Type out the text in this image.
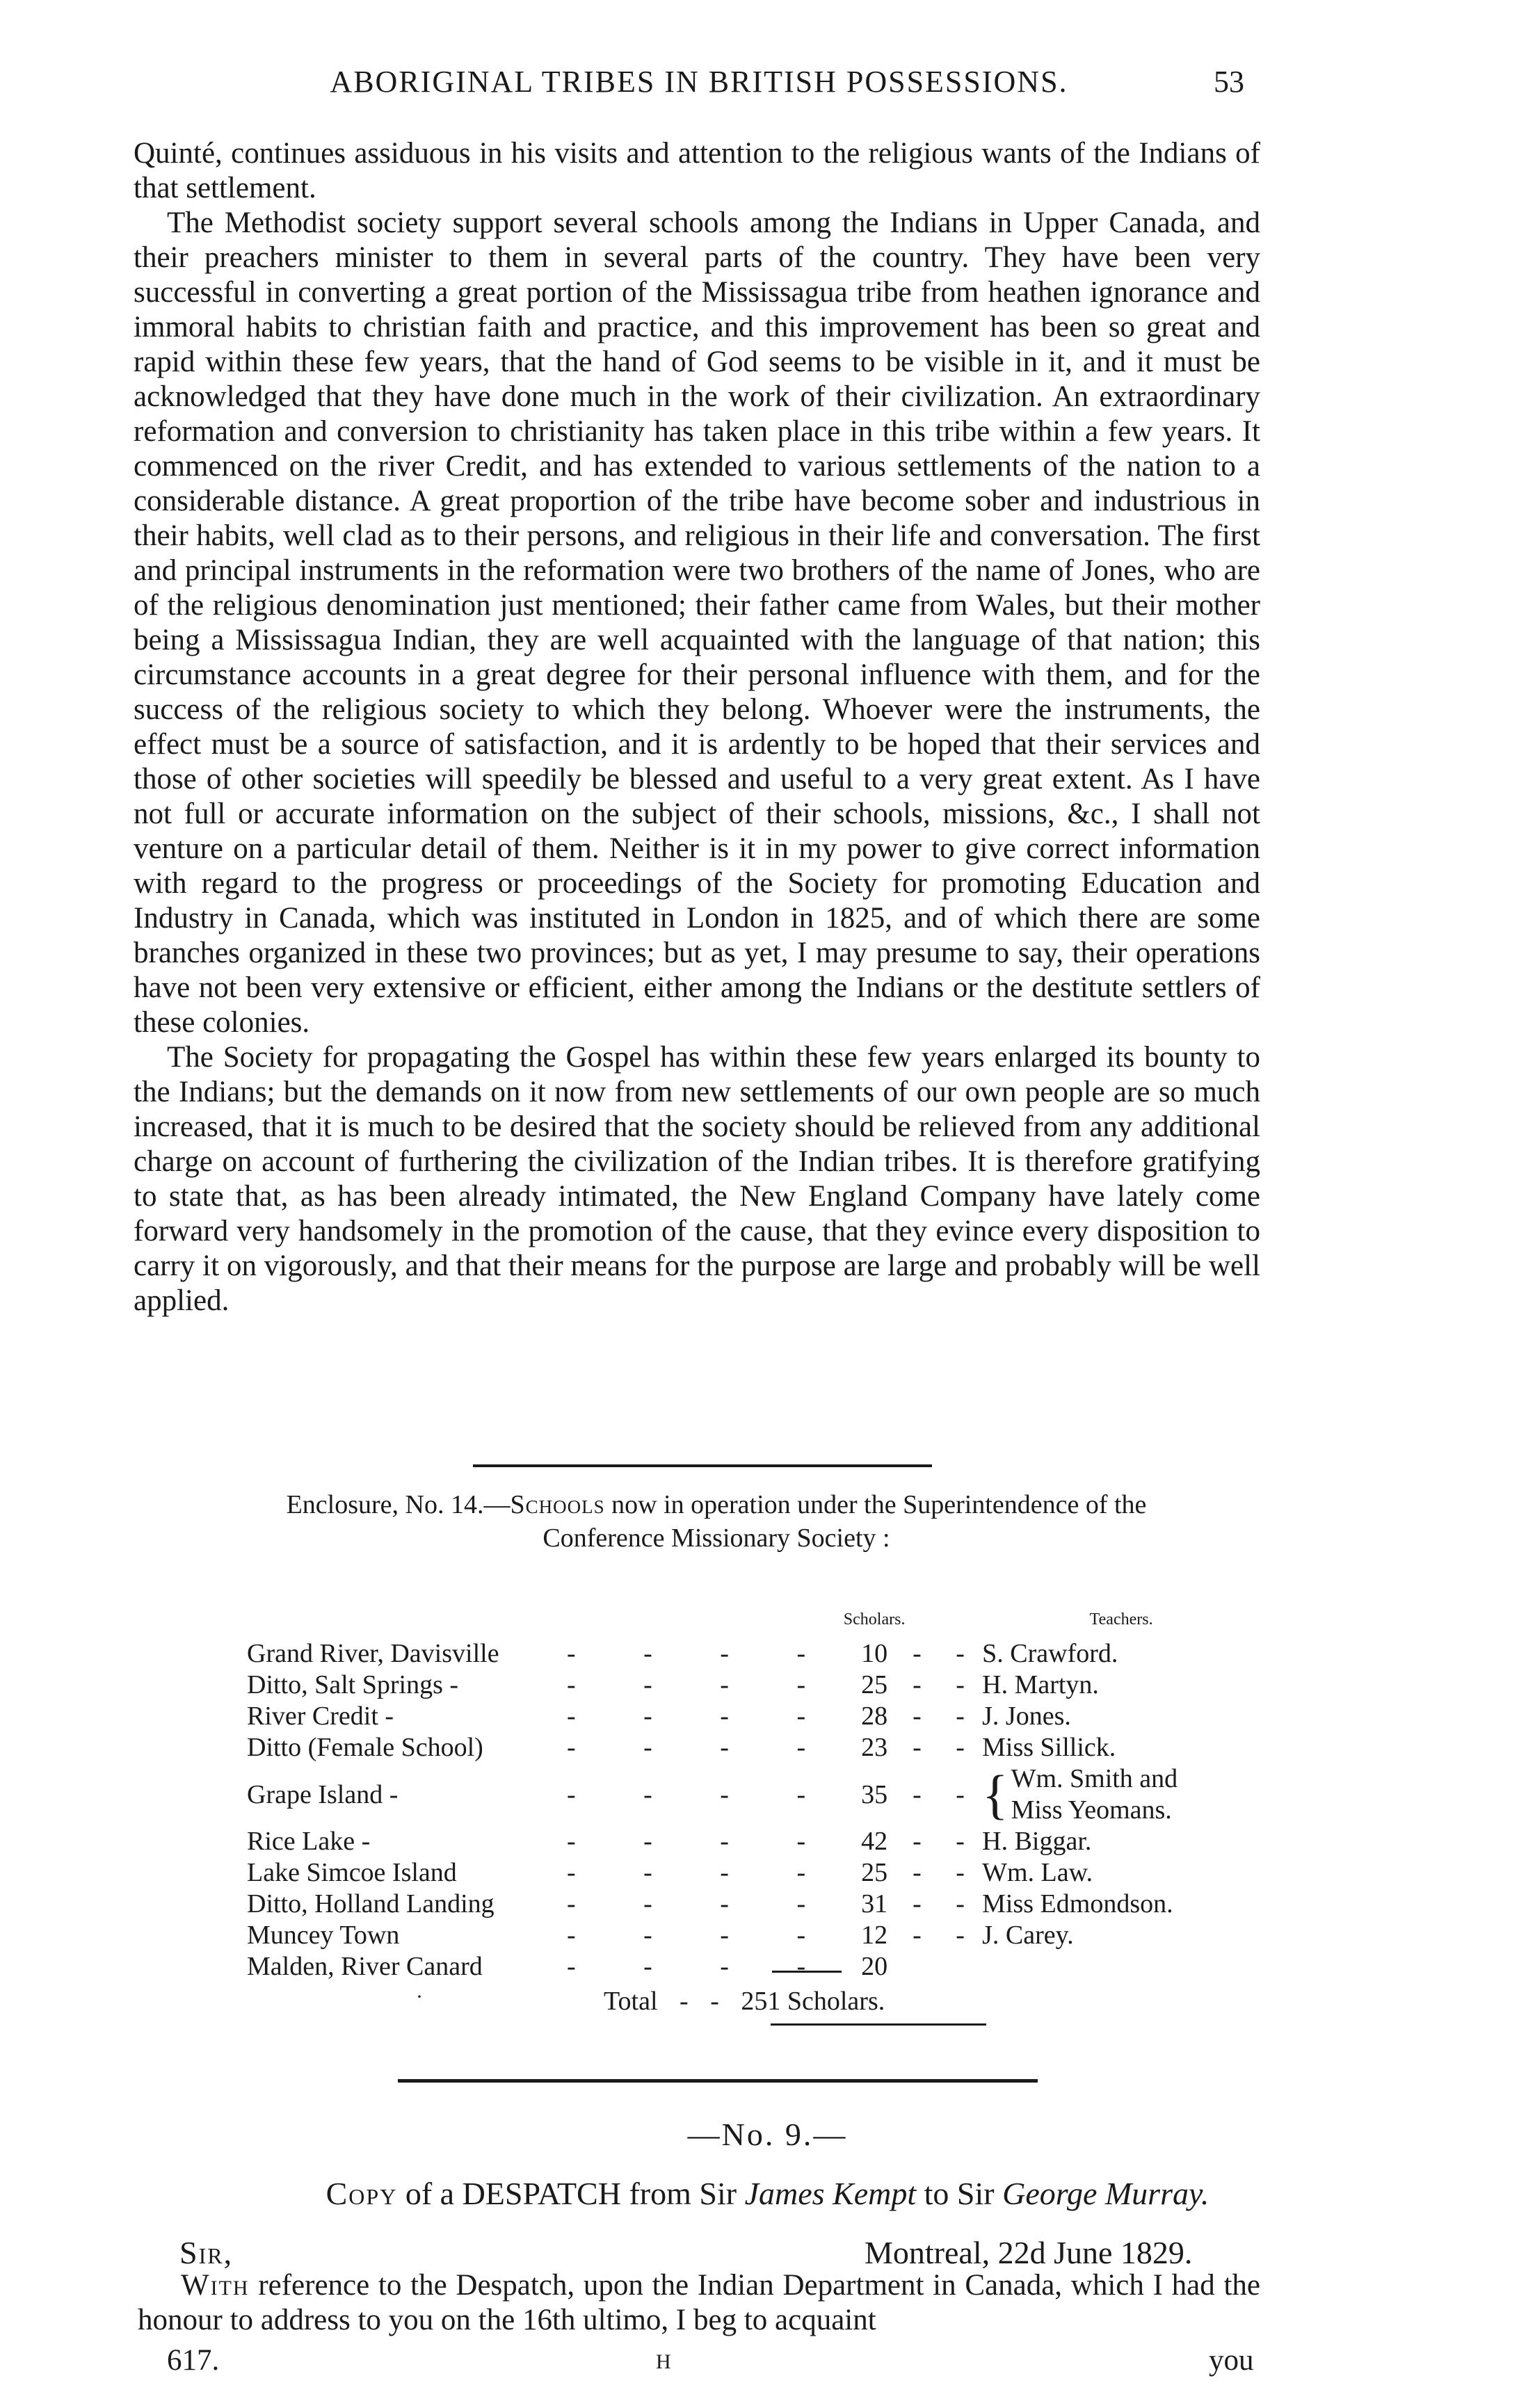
ABORIGINAL TRIBES IN BRITISH POSSESSIONS.	53

Quinté, continues assiduous in his visits and attention to the religious wants of the Indians of that settlement.

The Methodist society support several schools among the Indians in Upper Canada, and their preachers minister to them in several parts of the country. They have been very successful in converting a great portion of the Mississagua tribe from heathen ignorance and immoral habits to christian faith and practice, and this improvement has been so great and rapid within these few years, that the hand of God seems to be visible in it, and it must be acknowledged that they have done much in the work of their civilization. An extraordinary reformation and conversion to christianity has taken place in this tribe within a few years. It commenced on the river Credit, and has extended to various settlements of the nation to a considerable distance. A great proportion of the tribe have become sober and industrious in their habits, well clad as to their persons, and religious in their life and conversation. The first and principal instruments in the reformation were two brothers of the name of Jones, who are of the religious denomination just mentioned; their father came from Wales, but their mother being a Mississagua Indian, they are well acquainted with the language of that nation; this circumstance accounts in a great degree for their personal influence with them, and for the success of the religious society to which they belong. Whoever were the instruments, the effect must be a source of satisfaction, and it is ardently to be hoped that their services and those of other societies will speedily be blessed and useful to a very great extent. As I have not full or accurate information on the subject of their schools, missions, &c., I shall not venture on a particular detail of them. Neither is it in my power to give correct information with regard to the progress or proceedings of the Society for promoting Education and Industry in Canada, which was instituted in London in 1825, and of which there are some branches organized in these two provinces; but as yet, I may presume to say, their operations have not been very extensive or efficient, either among the Indians or the destitute settlers of these colonies.

The Society for propagating the Gospel has within these few years enlarged its bounty to the Indians; but the demands on it now from new settlements of our own people are so much increased, that it is much to be desired that the society should be relieved from any additional charge on account of furthering the civilization of the Indian tribes. It is therefore gratifying to state that, as has been already intimated, the New England Company have lately come forward very handsomely in the promotion of the cause, that they evince every disposition to carry it on vigorously, and that their means for the purpose are large and probably will be well applied.

Enclosure, No. 14.—Schools now in operation under the Superintendence of the
Conference Missionary Society :
		Scholars.		Teachers.
Grand River, Davisville	- - - -	10	- -	S. Crawford.
Ditto, Salt Springs -	- - - -	25	- -	H. Martyn.
River Credit -	- - - -	28	- -	J. Jones.
Ditto (Female School)	- - - -	23	- -	Miss Sillick.
Grape Island -	- - - -	35	- -	{ Wm. Smith and
Miss Yeomans.
Rice Lake -	- - - -	42	- -	H. Biggar.
Lake Simcoe Island	- - - -	25	- -	Wm. Law.
Ditto, Holland Landing	- - - -	31	- -	Miss Edmondson.
Muncey Town	- - - -	12	- -	J. Carey.
Malden, River Canard	- - - -	20		
·	Total - - 251 Scholars.
—No. 9.—
Copy of a DESPATCH from Sir James Kempt to Sir George Murray.
Sir,	Montreal, 22d June 1829.

With reference to the Despatch, upon the Indian Department in Canada, which I had the honour to address to you on the 16th ultimo, I beg to acquaint

617.	H	you
